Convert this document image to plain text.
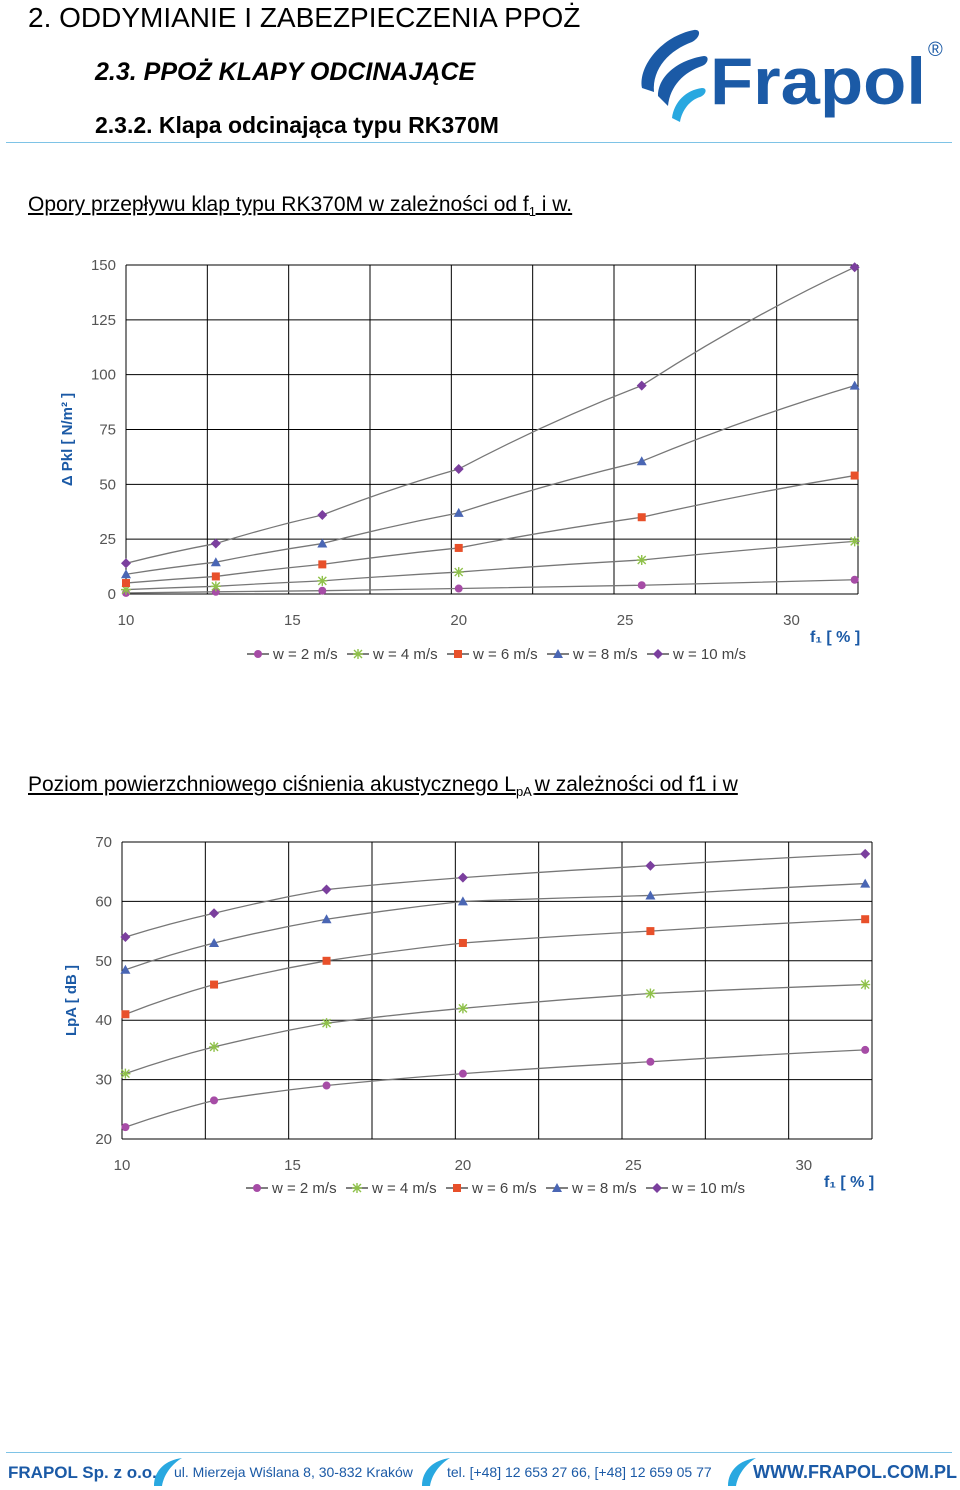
2. ODDYMIANIE I ZABEZPIECZENIA PPOŻ
2.3. PPOŻ KLAPY ODCINAJĄCE
2.3.2. Klapa odcinająca typu RK370M
Frapol ®
Opory przepływu klap typu RK370M w zależności od $f_1$ i w.
0
25
50
75
100
125
150
10	15	20	25	30
Δ Pkl [ N/m² ]
f₁ [ % ]
w = 2 m/s w = 4 m/s w = 6 m/s w = 8 m/s w = 10 m/s
Poziom powierzchniowego ciśnienia akustycznego $L_{pA}$ w zależności od f1 i w
20
30
40
50
60
70
10	15	20	25	30
LpA [ dB ]
f₁ [ % ]
w = 2 m/s w = 4 m/s w = 6 m/s w = 8 m/s w = 10 m/s
FRAPOL Sp. z o.o. ul. Mierzeja Wiślana 8, 30-832 Kraków tel. [+48] 12 653 27 66, [+48] 12 659 05 77 WWW.FRAPOL.COM.PL
